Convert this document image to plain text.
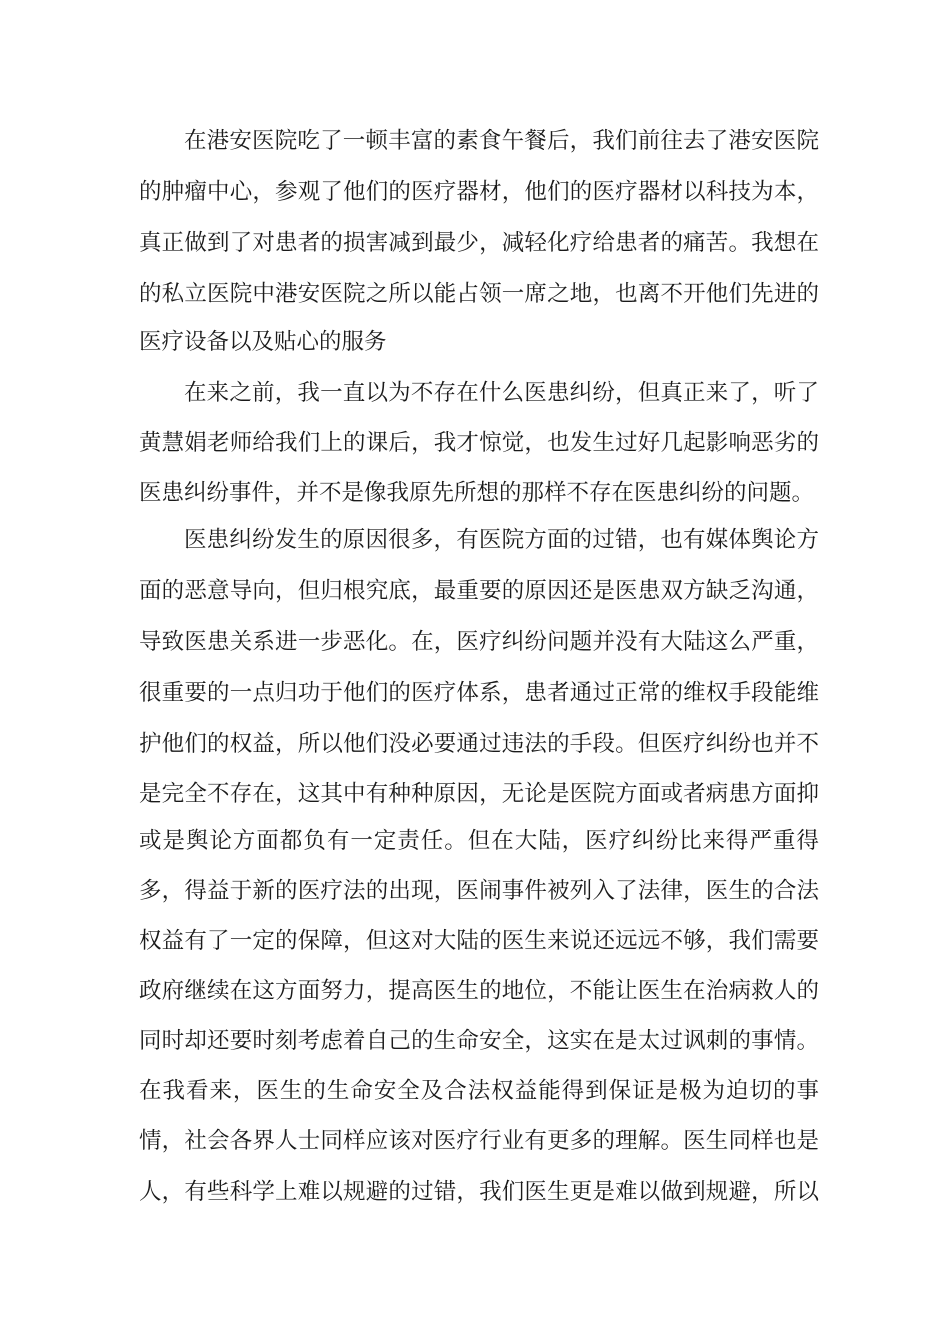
在港安医院吃了一顿丰富的素食午餐后，我们前往去了港安医院
的肿瘤中心，参观了他们的医疗器材，他们的医疗器材以科技为本，
真正做到了对患者的损害减到最少，减轻化疗给患者的痛苦。我想在
的私立医院中港安医院之所以能占领一席之地，也离不开他们先进的
医疗设备以及贴心的服务
在来之前，我一直以为不存在什么医患纠纷，但真正来了，听了
黄慧娟老师给我们上的课后，我才惊觉，也发生过好几起影响恶劣的
医患纠纷事件，并不是像我原先所想的那样不存在医患纠纷的问题。
医患纠纷发生的原因很多，有医院方面的过错，也有媒体舆论方
面的恶意导向，但归根究底，最重要的原因还是医患双方缺乏沟通，
导致医患关系进一步恶化。在，医疗纠纷问题并没有大陆这么严重，
很重要的一点归功于他们的医疗体系，患者通过正常的维权手段能维
护他们的权益，所以他们没必要通过违法的手段。但医疗纠纷也并不
是完全不存在，这其中有种种原因，无论是医院方面或者病患方面抑
或是舆论方面都负有一定责任。但在大陆，医疗纠纷比来得严重得
多，得益于新的医疗法的出现，医闹事件被列入了法律，医生的合法
权益有了一定的保障，但这对大陆的医生来说还远远不够，我们需要
政府继续在这方面努力，提高医生的地位，不能让医生在治病救人的
同时却还要时刻考虑着自己的生命安全，这实在是太过讽刺的事情。
在我看来，医生的生命安全及合法权益能得到保证是极为迫切的事
情，社会各界人士同样应该对医疗行业有更多的理解。医生同样也是
人，有些科学上难以规避的过错，我们医生更是难以做到规避，所以
